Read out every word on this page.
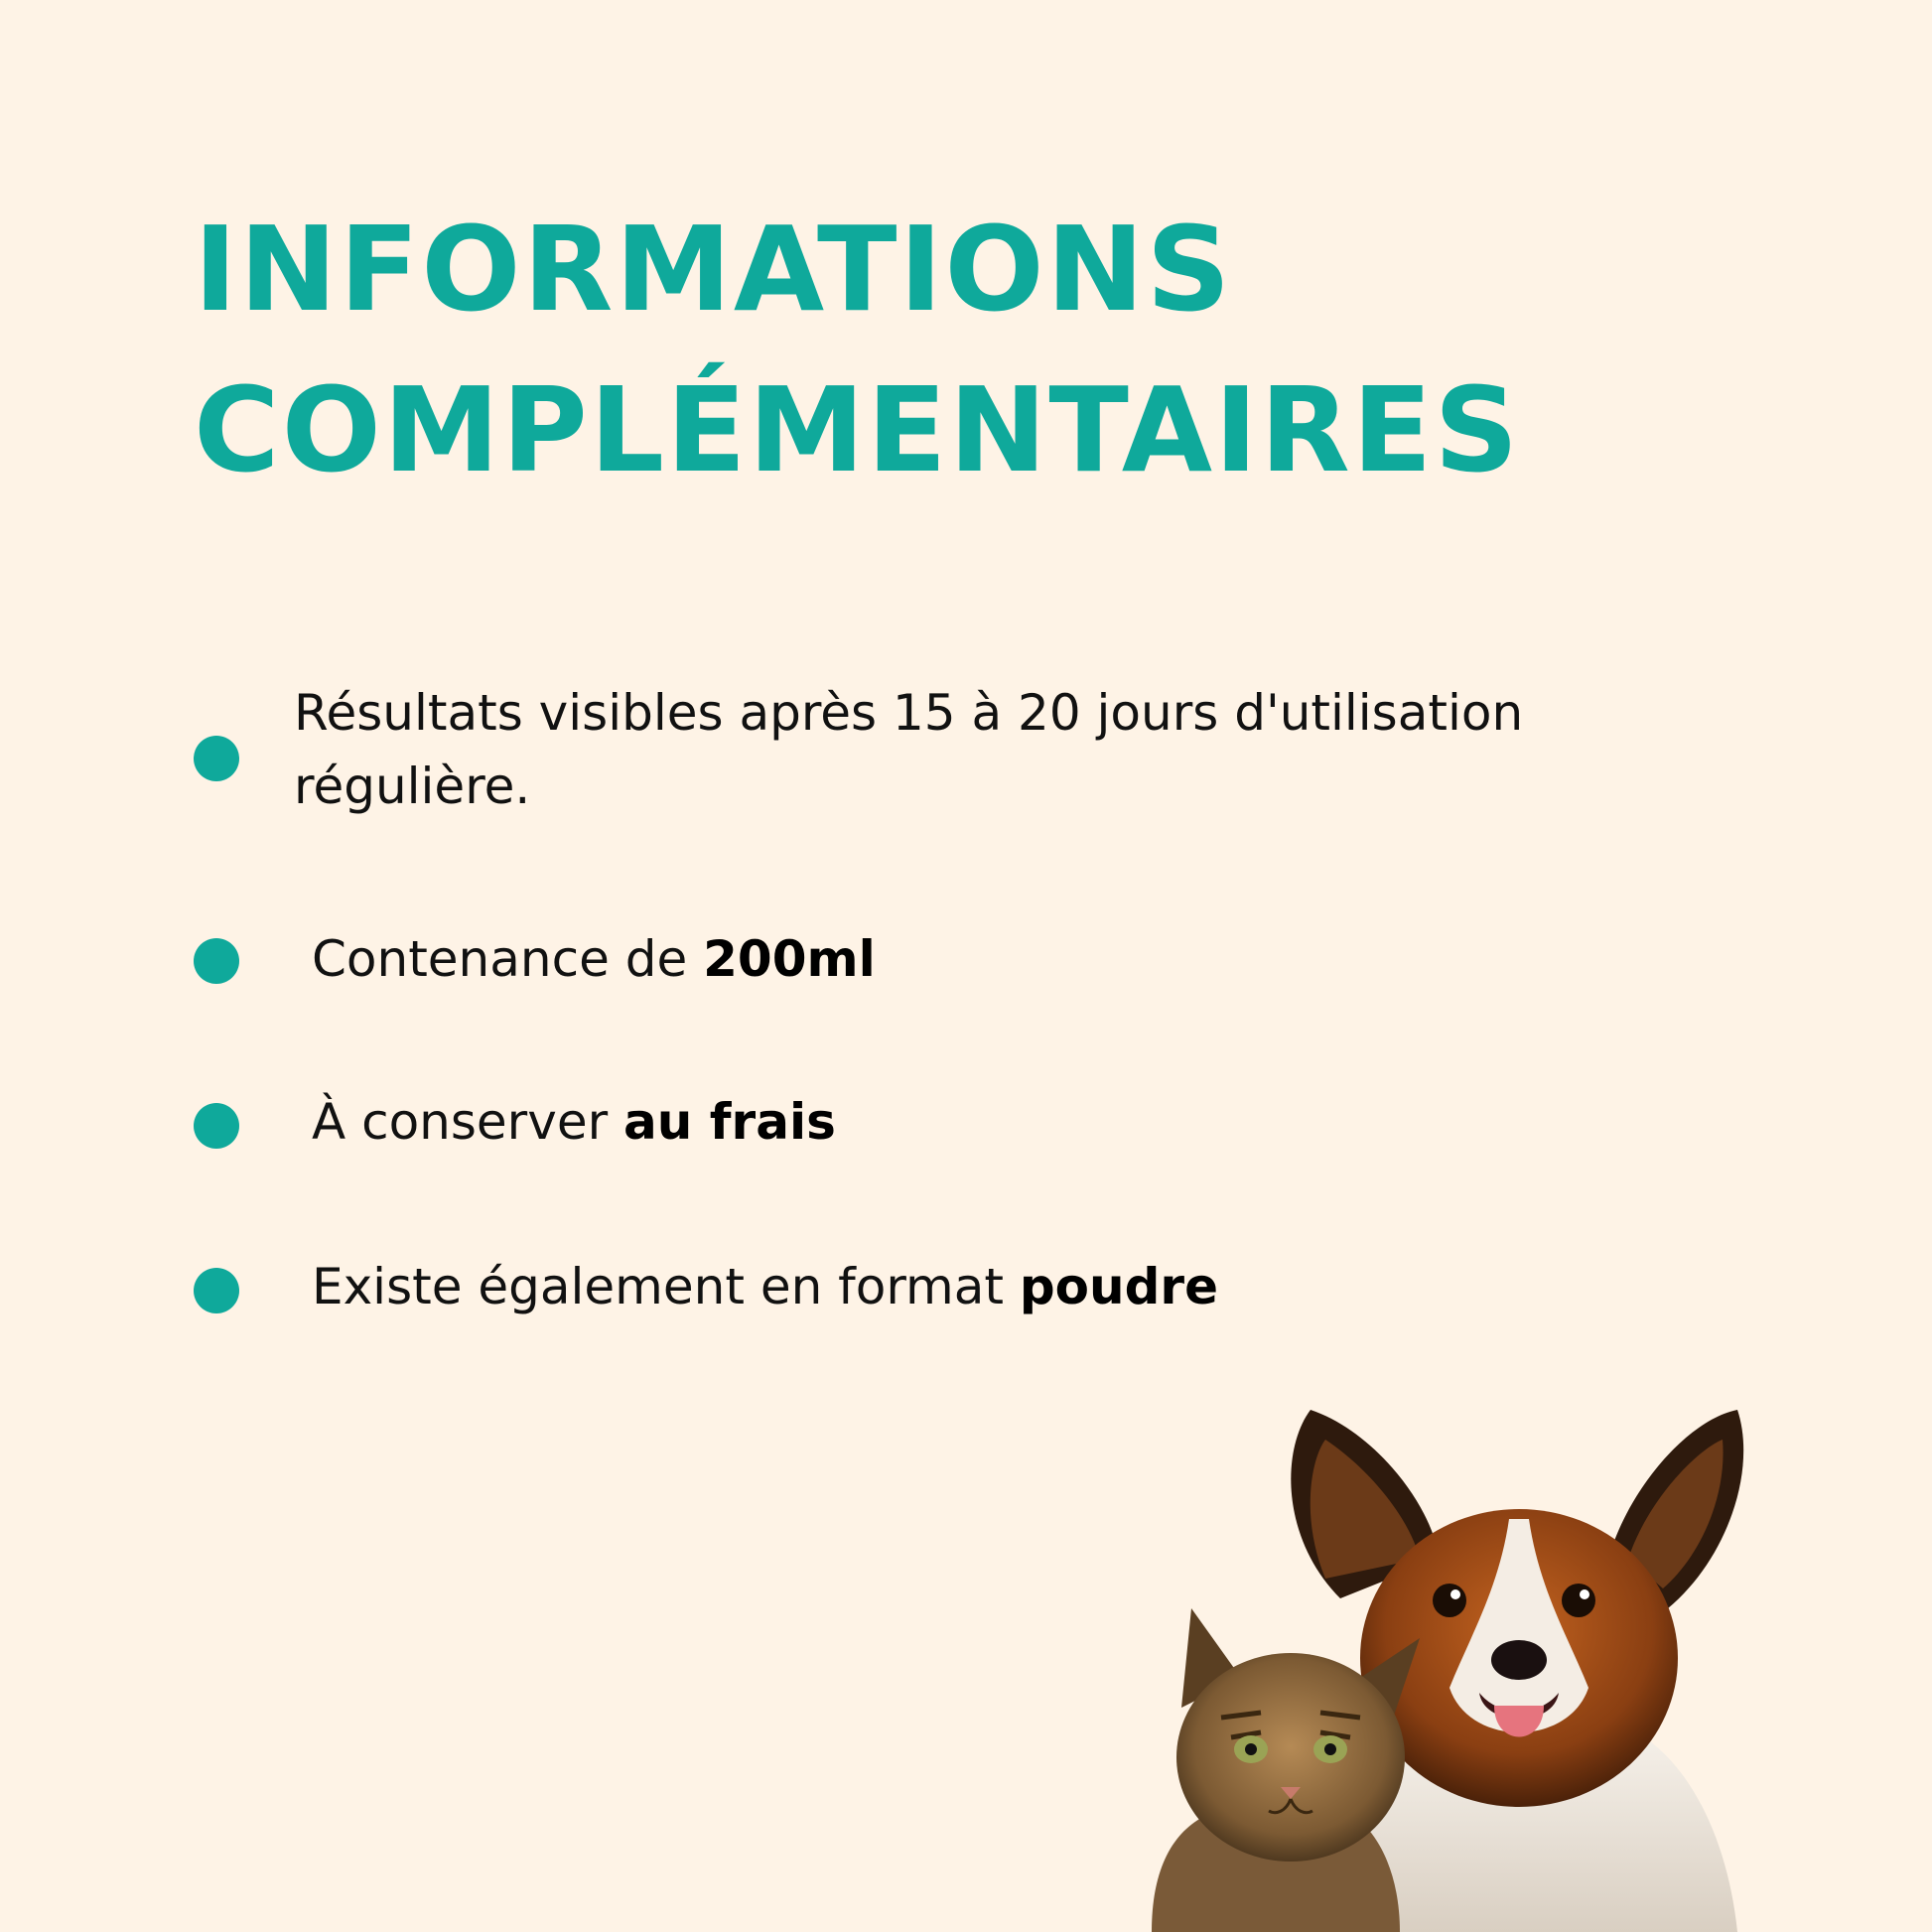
INFORMATIONS
COMPLÉMENTAIRES
Résultats visibles après 15 à 20 jours d'utilisation
régulière.
Contenance de 200ml
À conserver au frais
Existe également en format poudre
